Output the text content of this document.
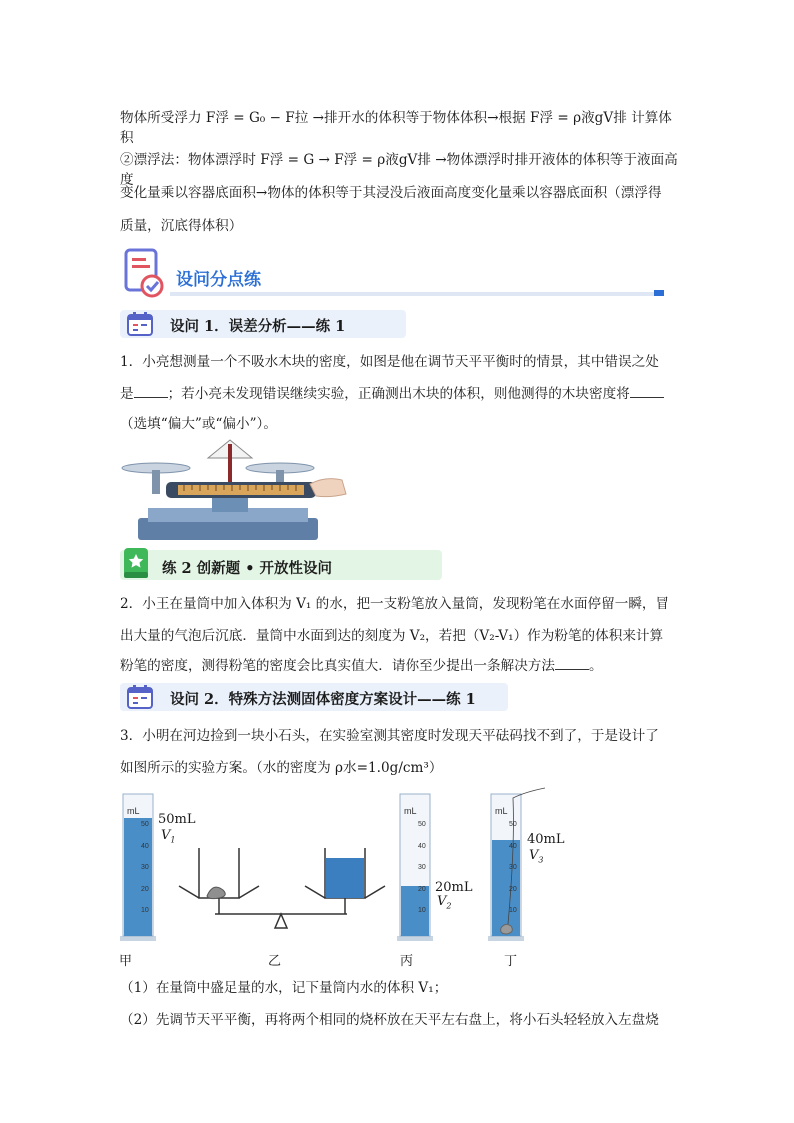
物体所受浮力 F浮 = G₀ − F拉 →排开水的体积等于物体体积→根据 F浮 = ρ液gV排 计算体积

②漂浮法：物体漂浮时 F浮 = G → F浮 = ρ液gV排 →物体漂浮时排开液体的体积等于液面高度

变化量乘以容器底面积→物体的体积等于其浸没后液面高度变化量乘以容器底面积（漂浮得

质量，沉底得体积）

设问分点练
设问 1．误差分析——练 1

1．小亮想测量一个不吸水木块的密度，如图是他在调节天平平衡时的情景，其中错误之处

是	；若小亮未发现错误继续实验，正确测出木块的体积，则他测得的木块密度将

（选填“偏大”或“偏小”）。

练 2 创新题 • 开放性设问

2．小王在量筒中加入体积为 V₁ 的水，把一支粉笔放入量筒，发现粉笔在水面停留一瞬，冒

出大量的气泡后沉底．量筒中水面到达的刻度为 V₂，若把（V₂-V₁）作为粉笔的体积来计算

粉笔的密度，测得粉笔的密度会比真实值大．请你至少提出一条解决方法	。

设问 2．特殊方法测固体密度方案设计——练 1

3．小明在河边捡到一块小石头，在实验室测其密度时发现天平砝码找不到了，于是设计了

如图所示的实验方案。（水的密度为 ρ水=1.0g/cm³）

mL	mL	mL
50
40
30
20
10
50
40
30
20
10
50
40
30
20
10
50mL
$V_1$
20mL
$V_2$
40mL
$V_3$
甲	乙	丙	丁

（1）在量筒中盛足量的水，记下量筒内水的体积 V₁；

（2）先调节天平平衡，再将两个相同的烧杯放在天平左右盘上，将小石头轻轻放入左盘烧
